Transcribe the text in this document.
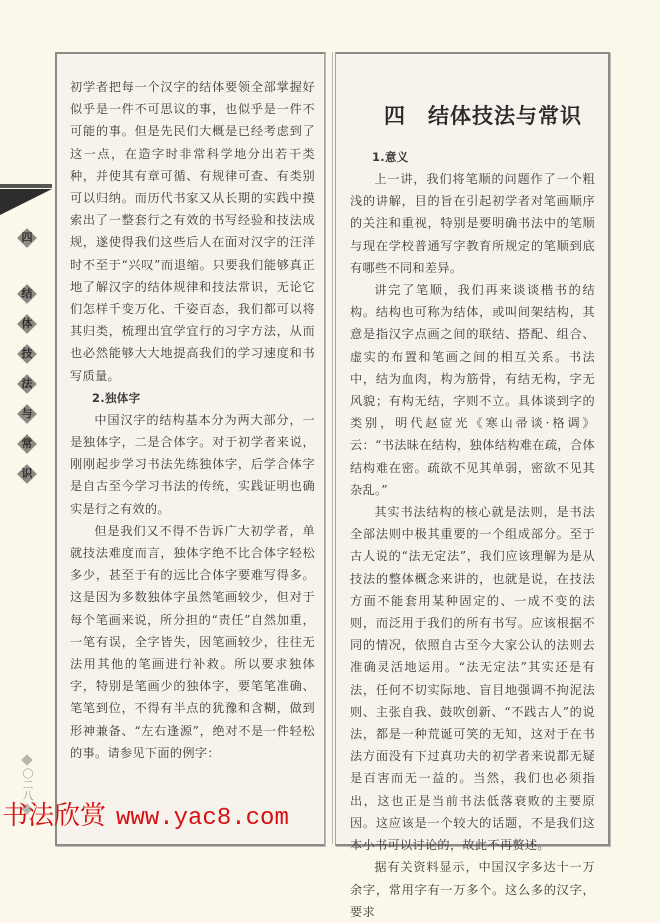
四
结
体
技
法
与
常
识
〇二八

初学者把每一个汉字的结体要领全部掌握好似乎是一件不可思议的事，也似乎是一件不可能的事。但是先民们大概是已经考虑到了这一点，在造字时非常科学地分出若干类种，并使其有章可循、有规律可查、有类别可以归纳。而历代书家又从长期的实践中摸索出了一整套行之有效的书写经验和技法成规，遂使得我们这些后人在面对汉字的汪洋时不至于“兴叹”而退缩。只要我们能够真正地了解汉字的结体规律和技法常识，无论它们怎样千变万化、千姿百态，我们都可以将其归类，梳理出宜学宜行的习字方法，从而也必然能够大大地提高我们的学习速度和书写质量。

2.独体字

中国汉字的结构基本分为两大部分，一是独体字，二是合体字。对于初学者来说，刚刚起步学习书法先练独体字，后学合体字是自古至今学习书法的传统，实践证明也确实是行之有效的。

但是我们又不得不告诉广大初学者，单就技法难度而言，独体字绝不比合体字轻松多少，甚至于有的远比合体字要难写得多。这是因为多数独体字虽然笔画较少，但对于每个笔画来说，所分担的“责任”自然加重，一笔有误，全字皆失，因笔画较少，往往无法用其他的笔画进行补救。所以要求独体字，特别是笔画少的独体字，要笔笔准确、笔笔到位，不得有半点的犹豫和含糊，做到形神兼备、“左右逢源”，绝对不是一件轻松的事。请参见下面的例字：

四 结体技法与常识
1.意义

上一讲，我们将笔顺的问题作了一个粗浅的讲解，目的旨在引起初学者对笔画顺序的关注和重视，特别是要明确书法中的笔顺与现在学校普通写字教育所规定的笔顺到底有哪些不同和差异。

讲完了笔顺，我们再来谈谈楷书的结构。结构也可称为结体，或叫间架结构，其意是指汉字点画之间的联结、搭配、组合、虚实的布置和笔画之间的相互关系。书法中，结为血肉，构为筋骨，有结无构，字无风貌；有构无结，字则不立。具体谈到字的类别，明代赵宧光《寒山帚谈·格调》云：“书法昧在结构，独体结构难在疏，合体结构难在密。疏欲不见其单弱，密欲不见其杂乱。”

其实书法结构的核心就是法则，是书法全部法则中极其重要的一个组成部分。至于古人说的“法无定法”，我们应该理解为是从技法的整体概念来讲的，也就是说，在技法方面不能套用某种固定的、一成不变的法则，而泛用于我们的所有书写。应该根据不同的情况，依照自古至今大家公认的法则去准确灵活地运用。“法无定法”其实还是有法，任何不切实际地、盲目地强调不拘泥法则、主张自我、鼓吹创新、“不践古人”的说法，都是一种荒诞可笑的无知，这对于在书法方面没有下过真功夫的初学者来说都无疑是百害而无一益的。当然，我们也必须指出，这也正是当前书法低落衰败的主要原因。这应该是一个较大的话题，不是我们这本小书可以讨论的，故此不再赘述。

据有关资料显示，中国汉字多达十一万余字，常用字有一万多个。这么多的汉字，要求

书法欣赏 www.yac8.com
